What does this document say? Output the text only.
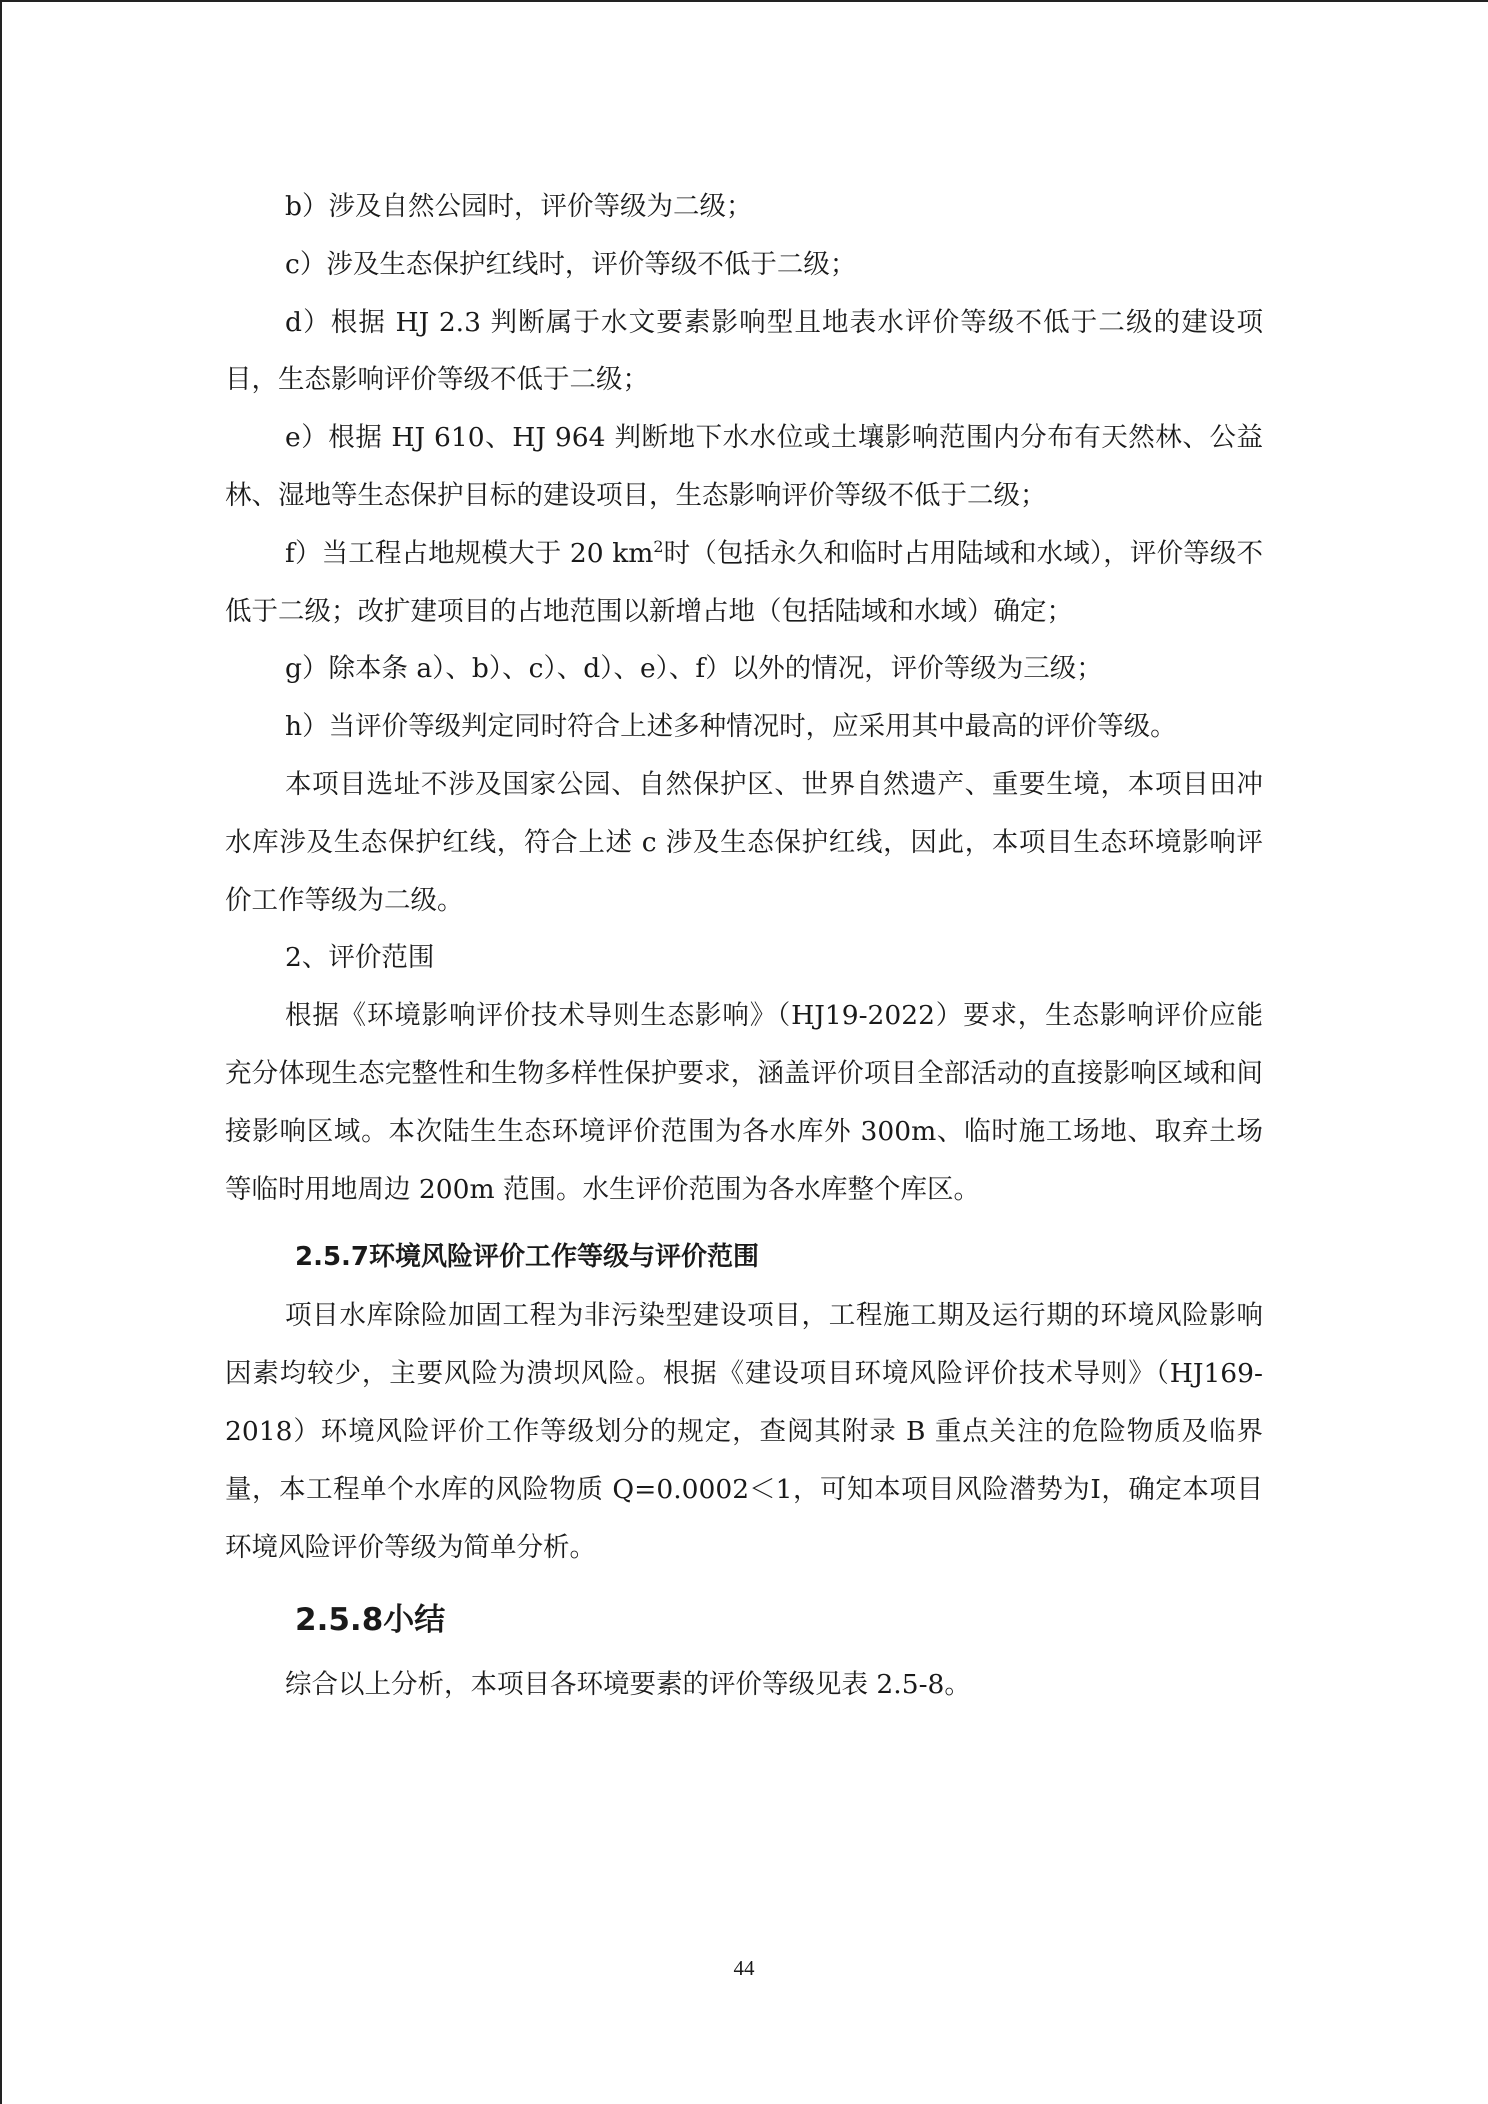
b）涉及自然公园时，评价等级为二级；

c）涉及生态保护红线时，评价等级不低于二级；

d）根据 HJ 2.3 判断属于水文要素影响型且地表水评价等级不低于二级的建设项目，生态影响评价等级不低于二级；

e）根据 HJ 610、HJ 964 判断地下水水位或土壤影响范围内分布有天然林、公益林、湿地等生态保护目标的建设项目，生态影响评价等级不低于二级；

f）当工程占地规模大于 20 $km^2$时（包括永久和临时占用陆域和水域），评价等级不低于二级；改扩建项目的占地范围以新增占地（包括陆域和水域）确定；

g）除本条 a）、b）、c）、d）、e）、f）以外的情况，评价等级为三级；

h）当评价等级判定同时符合上述多种情况时，应采用其中最高的评价等级。

本项目选址不涉及国家公园、自然保护区、世界自然遗产、重要生境，本项目田冲水库涉及生态保护红线，符合上述 c 涉及生态保护红线，因此，本项目生态环境影响评价工作等级为二级。

2、评价范围

根据《环境影响评价技术导则生态影响》（HJ19-2022）要求，生态影响评价应能充分体现生态完整性和生物多样性保护要求，涵盖评价项目全部活动的直接影响区域和间接影响区域。本次陆生生态环境评价范围为各水库外 300m、临时施工场地、取弃土场等临时用地周边 200m 范围。水生评价范围为各水库整个库区。

2.5.7环境风险评价工作等级与评价范围

项目水库除险加固工程为非污染型建设项目，工程施工期及运行期的环境风险影响因素均较少，主要风险为溃坝风险。根据《建设项目环境风险评价技术导则》（HJ169-2018）环境风险评价工作等级划分的规定，查阅其附录 B 重点关注的危险物质及临界量，本工程单个水库的风险物质 Q=0.0002＜1，可知本项目风险潜势为Ⅰ，确定本项目环境风险评价等级为简单分析。

2.5.8小结

综合以上分析，本项目各环境要素的评价等级见表 2.5-8。

44
